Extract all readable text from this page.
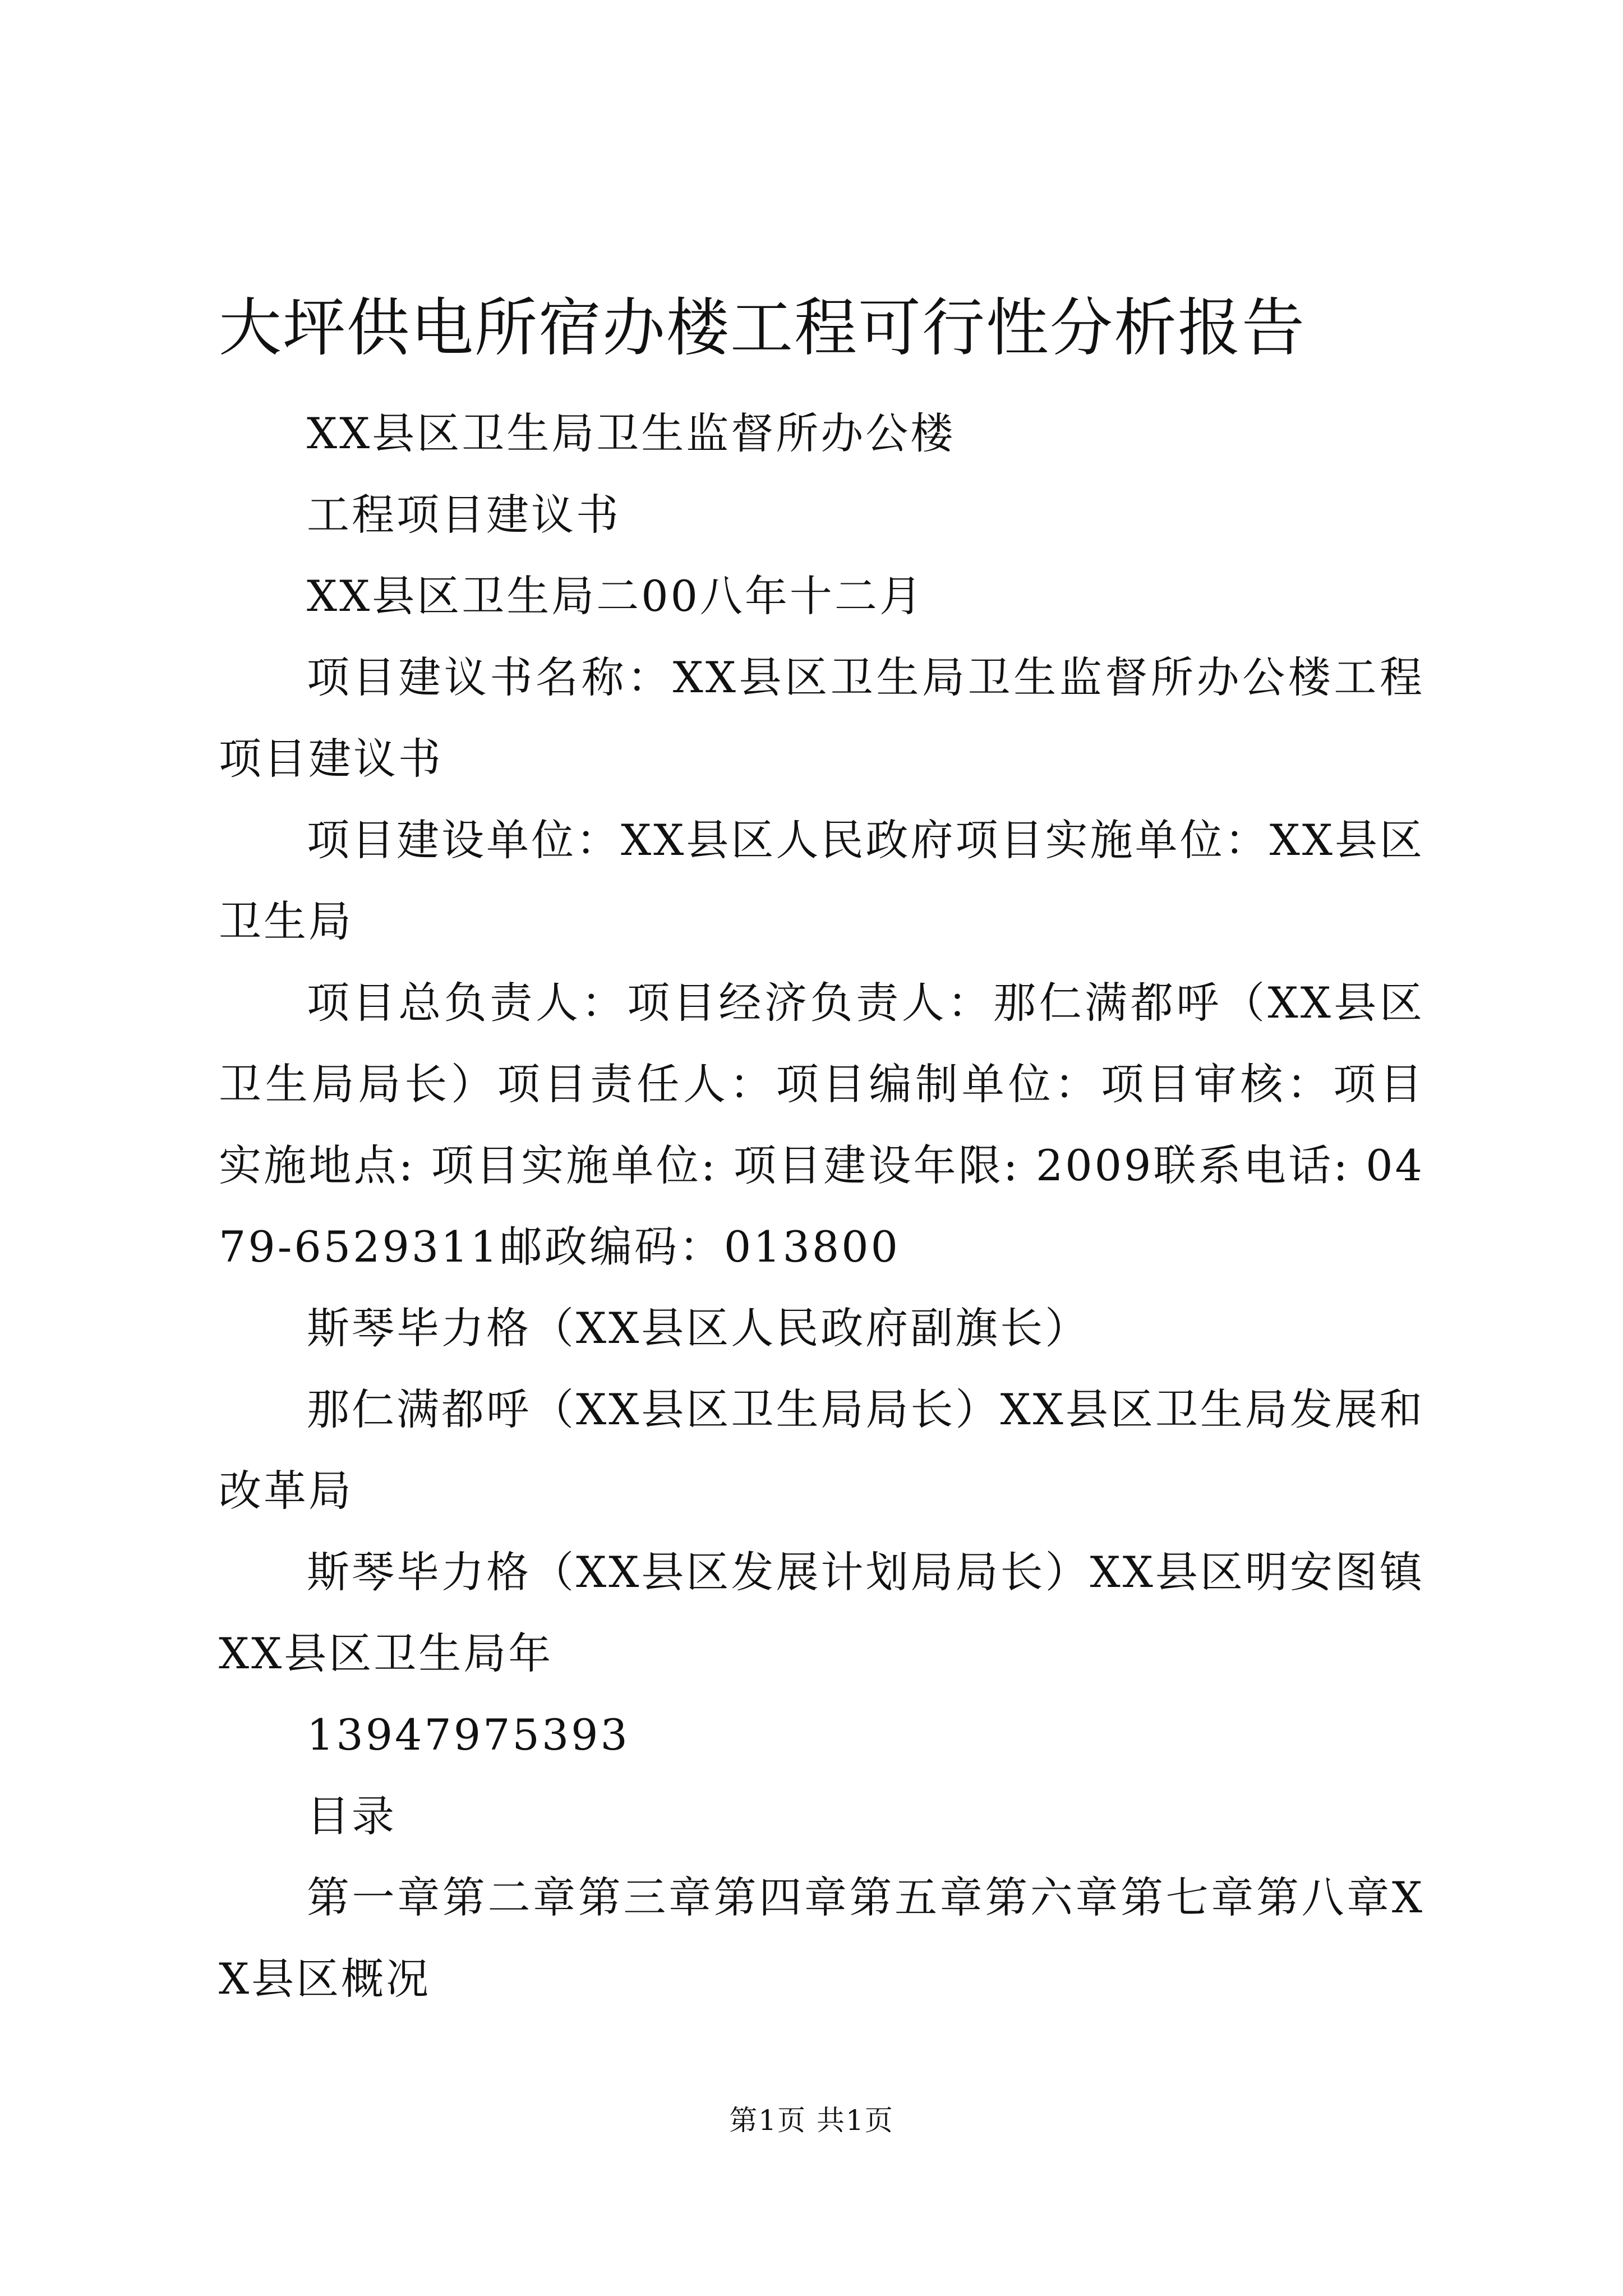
大坪供电所宿办楼工程可行性分析报告

XX县区卫生局卫生监督所办公楼

工程项目建议书

XX县区卫生局二00八年十二月

项目建议书名称：XX县区卫生局卫生监督所办公楼工程项目建议书

项目建设单位：XX县区人民政府项目实施单位：XX县区卫生局

项目总负责人：项目经济负责人：那仁满都呼（XX县区卫生局局长）项目责任人：项目编制单位：项目审核：项目实施地点: 项目实施单位: 项目建设年限: 2009联系电话: 0479-6529311邮政编码：013800

斯琴毕力格（XX县区人民政府副旗长）

那仁满都呼（XX县区卫生局局长）XX县区卫生局发展和改革局

斯琴毕力格（XX县区发展计划局局长）XX县区明安图镇XX县区卫生局年

13947975393

目录

第一章第二章第三章第四章第五章第六章第七章第八章XX县区概况

第1页 共1页
